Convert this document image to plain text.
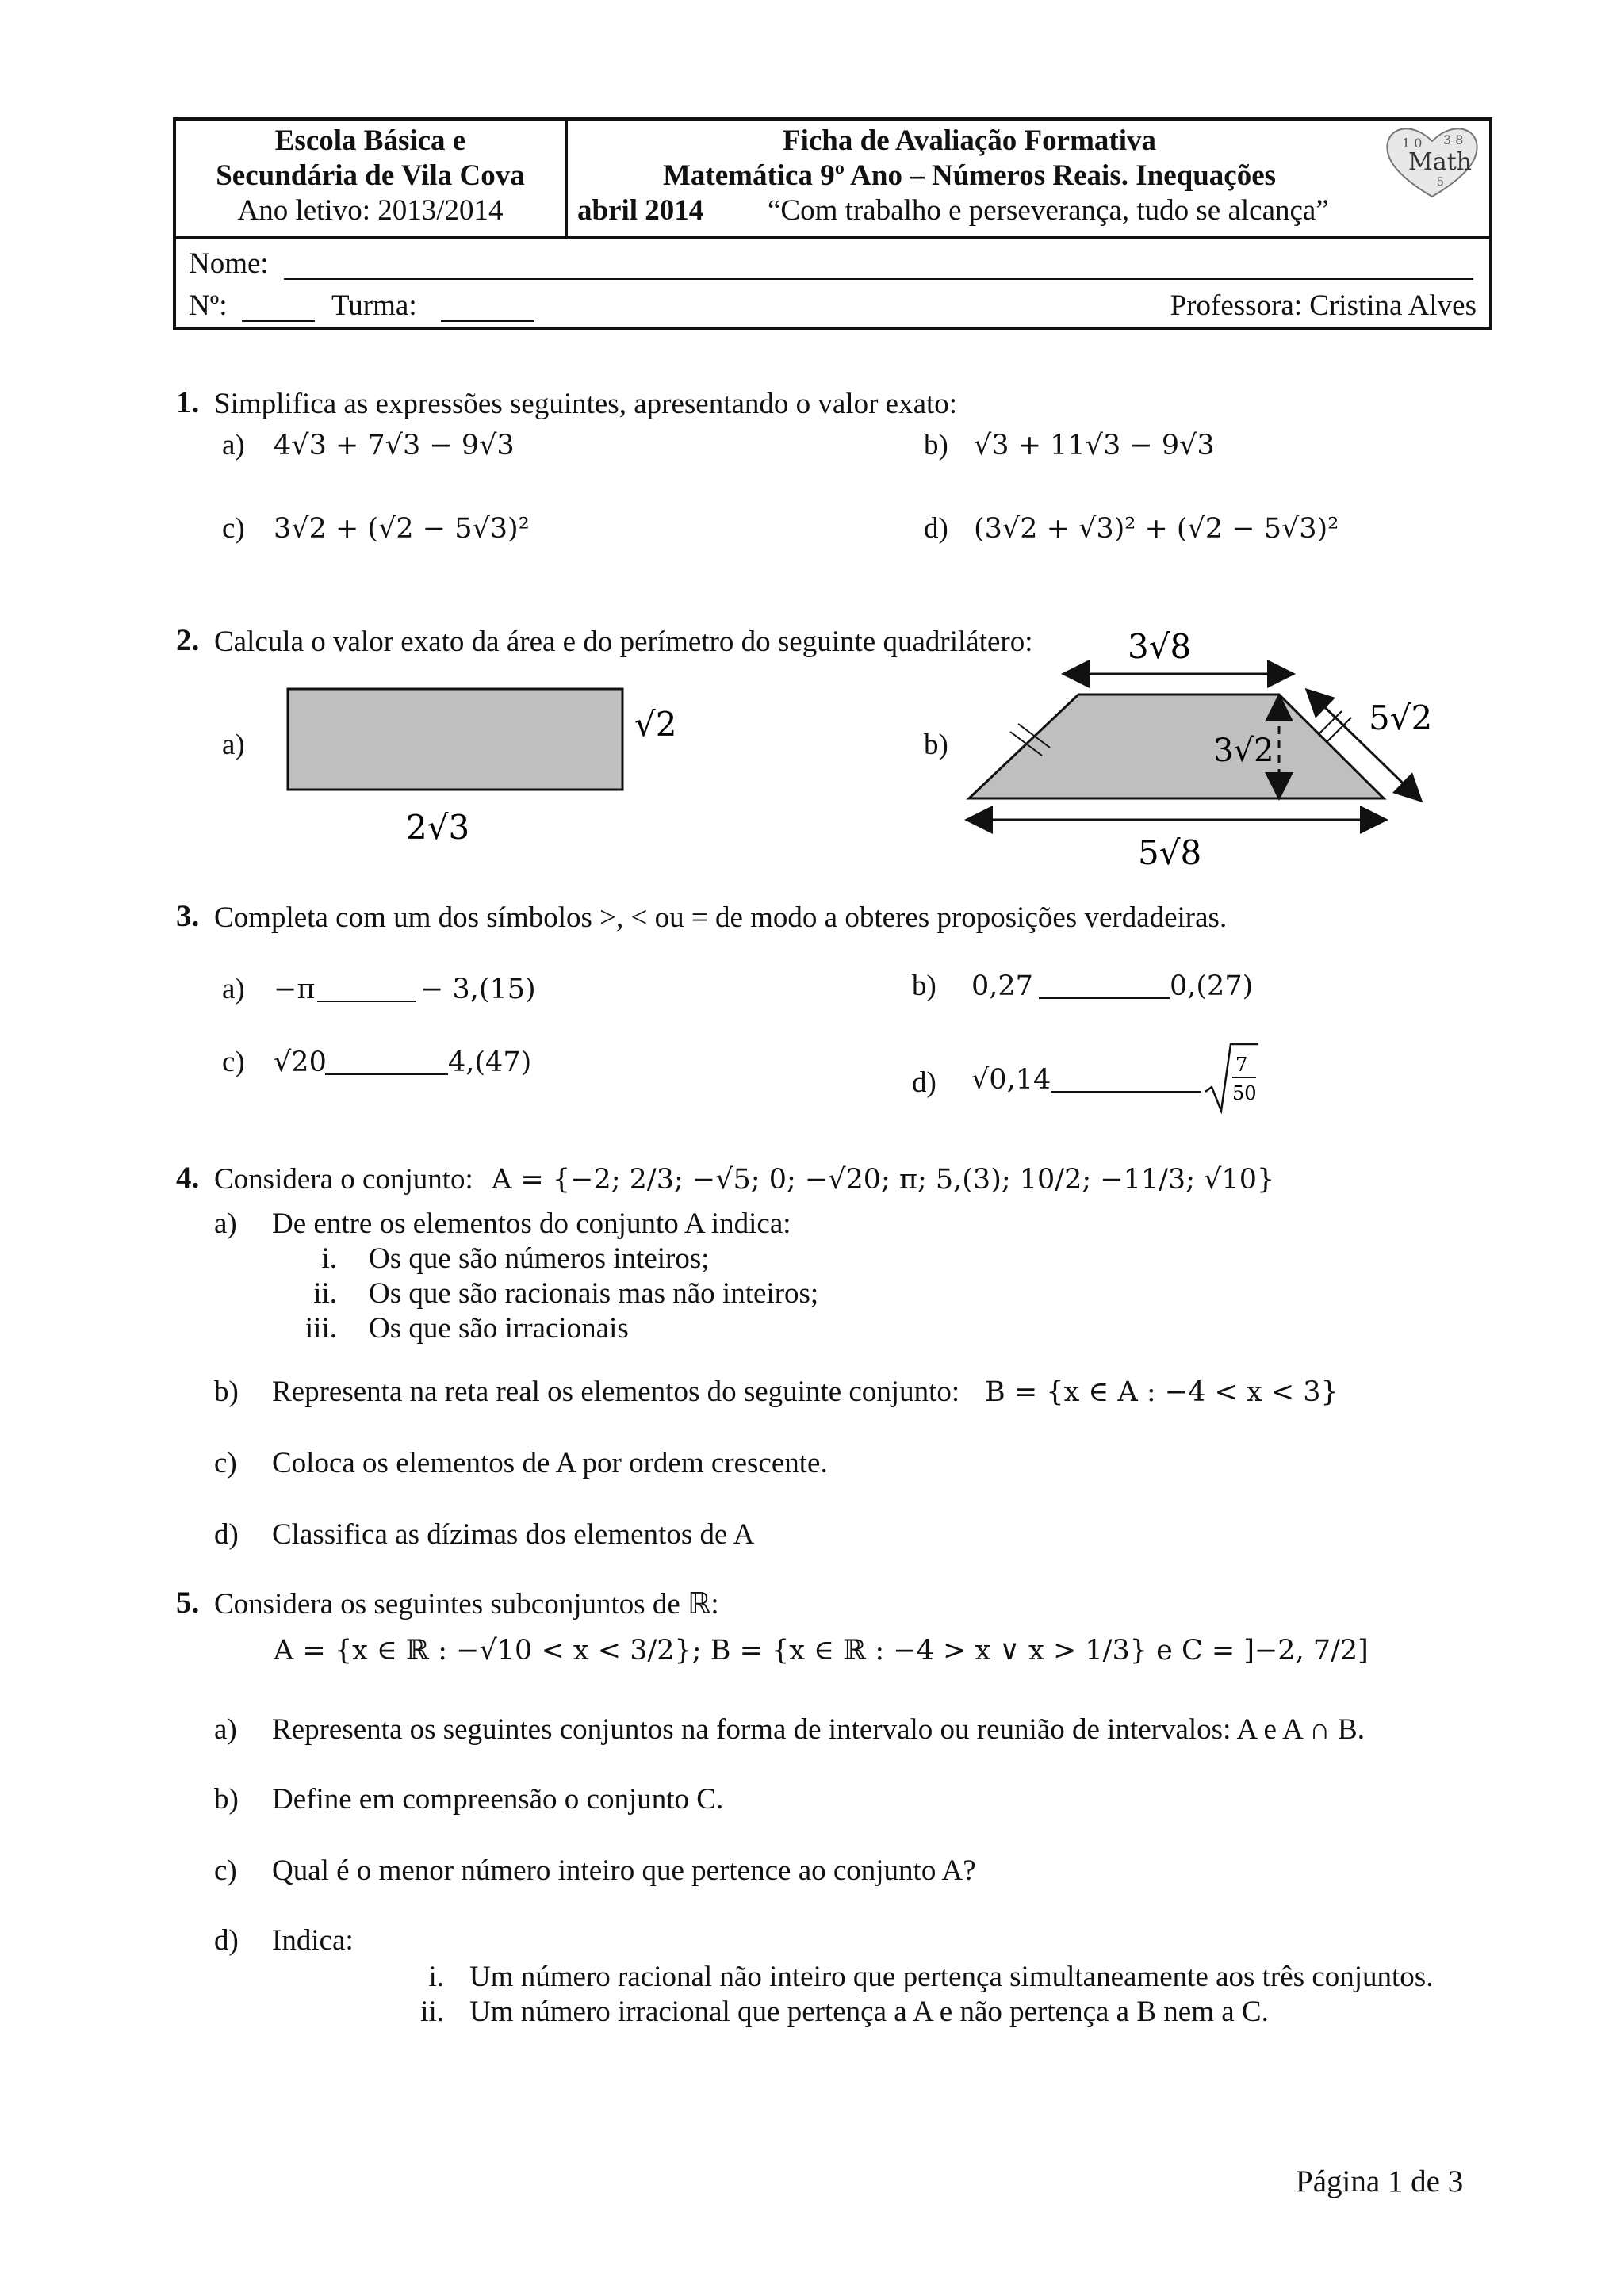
Escola Básica e
Secundária de Vila Cova
Ano letivo: 2013/2014
Ficha de Avaliação Formativa
Matemática 9º Ano – Números Reais. Inequações
abril 2014 “Com trabalho e perseverança, tudo se alcança”
1 0 3 8
5
Math
Nome:
Nº:	Turma:	Professora: Cristina Alves
1. Simplifica as expressões seguintes, apresentando o valor exato:
a) 4√3 + 7√3 − 9√3	b) √3 + 11√3 − 9√3
c) 3√2 + (√2 − 5√3)²	d) (3√2 + √3)² + (√2 − 5√3)²
2. Calcula o valor exato da área e do perímetro do seguinte quadrilátero:
a)
√2
2√3
b)
3√8
5√2
3√2
5√8
3. Completa com um dos símbolos >, < ou = de modo a obteres proposições verdadeiras.
a) −π	− 3,(15)	b) 0,27	0,(27)
c) √20	4,(47)
d) √0,14	7
50
4. Considera o conjunto: A = {−2; 2/3; −√5; 0; −√20; π; 5,(3); 10/2; −11/3; √10}
a) De entre os elementos do conjunto A indica:
i. Os que são números inteiros;
ii. Os que são racionais mas não inteiros;
iii. Os que são irracionais
b) Representa na reta real os elementos do seguinte conjunto: B = {x ∈ A : −4 < x < 3}
c) Coloca os elementos de A por ordem crescente.
d) Classifica as dízimas dos elementos de A
5. Considera os seguintes subconjuntos de ℝ:
A = {x ∈ ℝ : −√10 < x < 3/2}; B = {x ∈ ℝ : −4 > x ∨ x > 1/3} e C = ]−2, 7/2]
a) Representa os seguintes conjuntos na forma de intervalo ou reunião de intervalos: A e A ∩ B.
b) Define em compreensão o conjunto C.
c) Qual é o menor número inteiro que pertence ao conjunto A?
d) Indica:
i. Um número racional não inteiro que pertença simultaneamente aos três conjuntos.
ii. Um número irracional que pertença a A e não pertença a B nem a C.
Página 1 de 3
